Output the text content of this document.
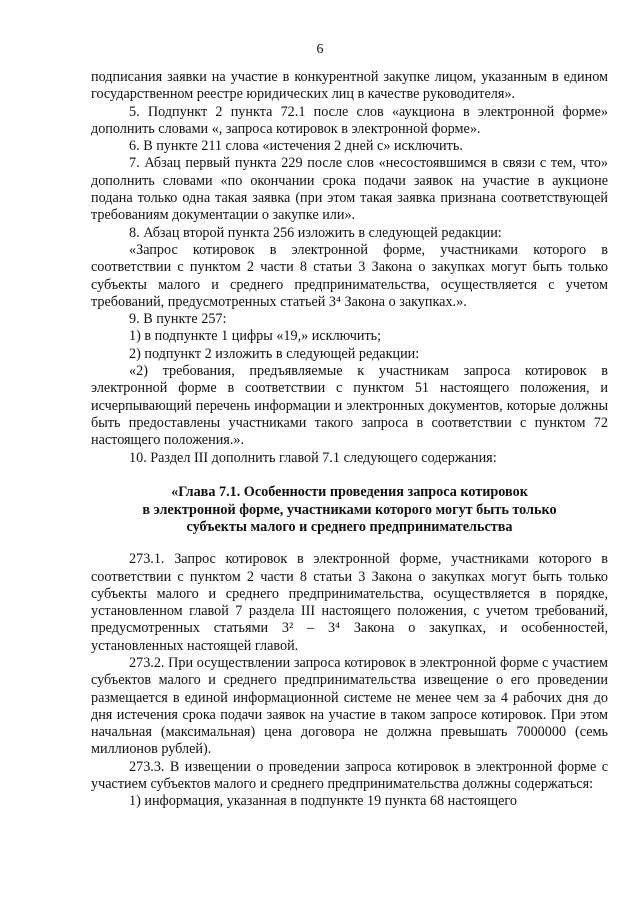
6

подписания заявки на участие в конкурентной закупке лицом, указанным в едином государственном реестре юридических лиц в качестве руководителя».

5. Подпункт 2 пункта 72.1 после слов «аукциона в электронной форме» дополнить словами «, запроса котировок в электронной форме».

6. В пункте 211 слова «истечения 2 дней с» исключить.

7. Абзац первый пункта 229 после слов «несостоявшимся в связи с тем, что» дополнить словами «по окончании срока подачи заявок на участие в аукционе подана только одна такая заявка (при этом такая заявка признана соответствующей требованиям документации о закупке или».

8. Абзац второй пункта 256 изложить в следующей редакции:

«Запрос котировок в электронной форме, участниками которого в соответствии с пунктом 2 части 8 статьи 3 Закона о закупках могут быть только субъекты малого и среднего предпринимательства, осуществляется с учетом требований, предусмотренных статьей 3⁴ Закона о закупках.».

9. В пункте 257:

1) в подпункте 1 цифры «19,» исключить;

2) подпункт 2 изложить в следующей редакции:

«2) требования, предъявляемые к участникам запроса котировок в электронной форме в соответствии с пунктом 51 настоящего положения, и исчерпывающий перечень информации и электронных документов, которые должны быть предоставлены участниками такого запроса в соответствии с пунктом 72 настоящего положения.».

10. Раздел III дополнить главой 7.1 следующего содержания:

«Глава 7.1. Особенности проведения запроса котировок
в электронной форме, участниками которого могут быть только
субъекты малого и среднего предпринимательства

273.1. Запрос котировок в электронной форме, участниками которого в соответствии с пунктом 2 части 8 статьи 3 Закона о закупках могут быть только субъекты малого и среднего предпринимательства, осуществляется в порядке, установленном главой 7 раздела III настоящего положения, с учетом требований, предусмотренных статьями 3² – 3⁴ Закона о закупках, и особенностей, установленных настоящей главой.

273.2. При осуществлении запроса котировок в электронной форме с участием субъектов малого и среднего предпринимательства извещение о его проведении размещается в единой информационной системе не менее чем за 4 рабочих дня до дня истечения срока подачи заявок на участие в таком запросе котировок. При этом начальная (максимальная) цена договора не должна превышать 7000000 (семь миллионов рублей).

273.3. В извещении о проведении запроса котировок в электронной форме с участием субъектов малого и среднего предпринимательства должны содержаться:

1) информация, указанная в подпункте 19 пункта 68 настоящего
